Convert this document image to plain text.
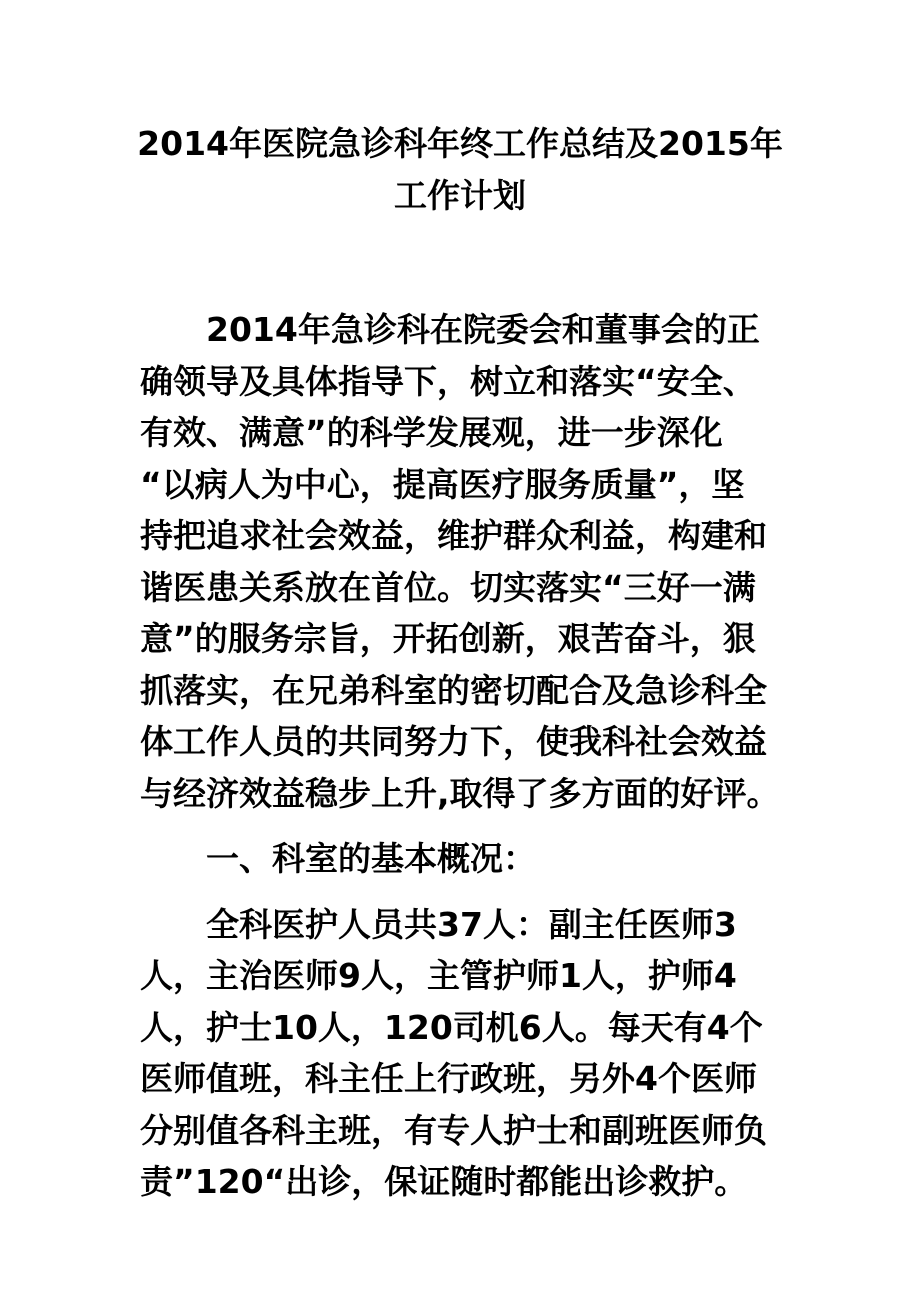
2014年医院急诊科年终工作总结及2015年
工作计划
2014年急诊科在院委会和董事会的正
确领导及具体指导下，树立和落实“安全、
有效、满意”的科学发展观，进一步深化
“以病人为中心，提高医疗服务质量”，坚
持把追求社会效益，维护群众利益，构建和
谐医患关系放在首位。切实落实“三好一满
意”的服务宗旨，开拓创新，艰苦奋斗，狠
抓落实，在兄弟科室的密切配合及急诊科全
体工作人员的共同努力下，使我科社会效益
与经济效益稳步上升,取得了多方面的好评。
一、科室的基本概况：
全科医护人员共37人：副主任医师3
人，主治医师9人，主管护师1人，护师4
人，护士10人，120司机6人。每天有4个
医师值班，科主任上行政班，另外4个医师
分别值各科主班，有专人护士和副班医师负
责”120“出诊，保证随时都能出诊救护。
